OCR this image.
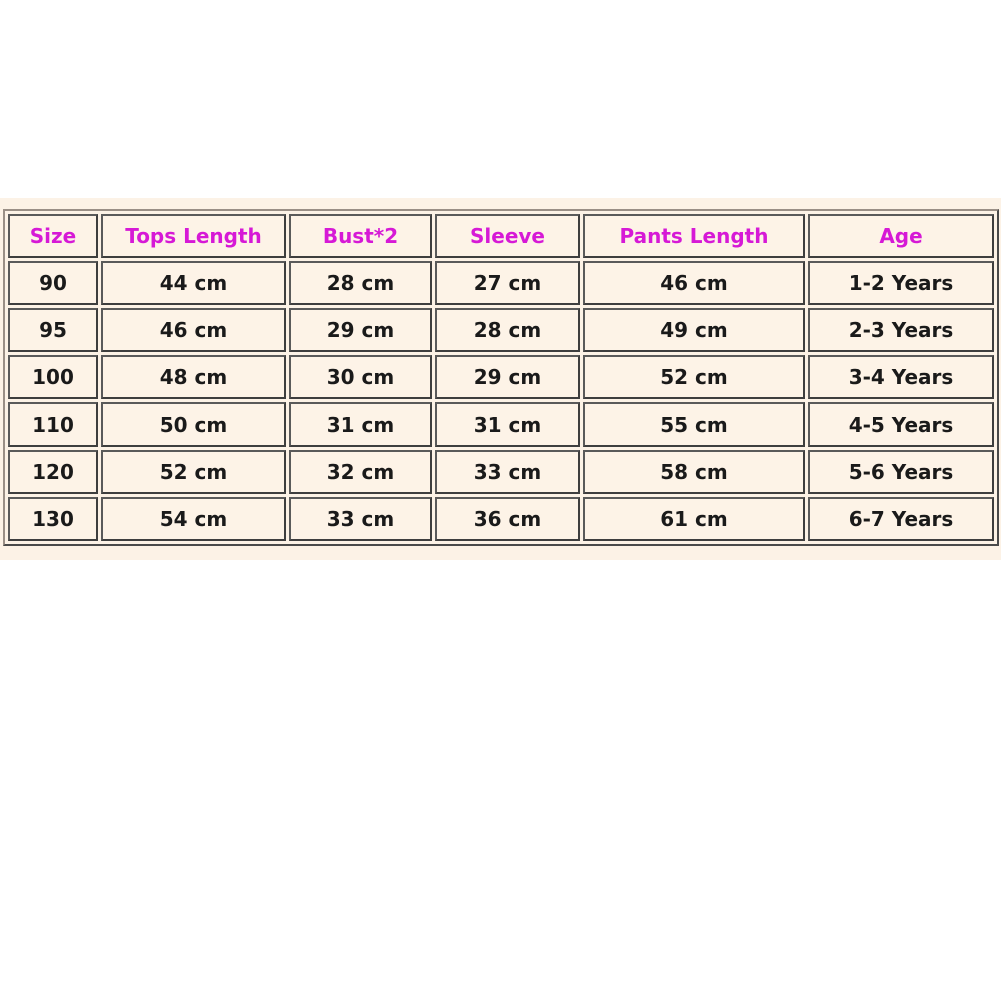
Size	Tops Length	Bust*2	Sleeve	Pants Length	Age
90	44 cm	28 cm	27 cm	46 cm	1-2 Years
95	46 cm	29 cm	28 cm	49 cm	2-3 Years
100	48 cm	30 cm	29 cm	52 cm	3-4 Years
110	50 cm	31 cm	31 cm	55 cm	4-5 Years
120	52 cm	32 cm	33 cm	58 cm	5-6 Years
130	54 cm	33 cm	36 cm	61 cm	6-7 Years
